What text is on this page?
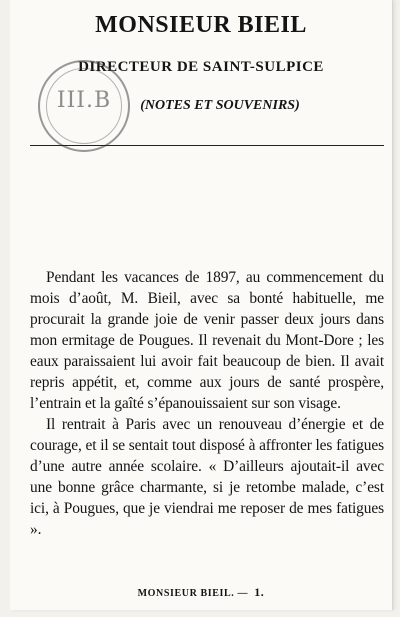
MONSIEUR BIEIL
DIRECTEUR DE SAINT-SULPICE
(NOTES ET SOUVENIRS)
III.B

Pendant les vacances de 1897, au commencement du mois d’août, M. Bieil, avec sa bonté habituelle, me procurait la grande joie de venir passer deux jours dans mon ermitage de Pougues. Il revenait du Mont-Dore ; les eaux paraissaient lui avoir fait beaucoup de bien. Il avait repris appétit, et, comme aux jours de santé prospère, l’entrain et la gaîté s’épanouissaient sur son visage.

Il rentrait à Paris avec un renouveau d’énergie et de courage, et il se sentait tout disposé à affronter les fatigues d’une autre année scolaire. « D’ailleurs ajoutait-il avec une bonne grâce charmante, si je retombe malade, c’est ici, à Pougues, que je viendrai me reposer de mes fatigues ».

MONSIEUR BIEIL. — 1.
